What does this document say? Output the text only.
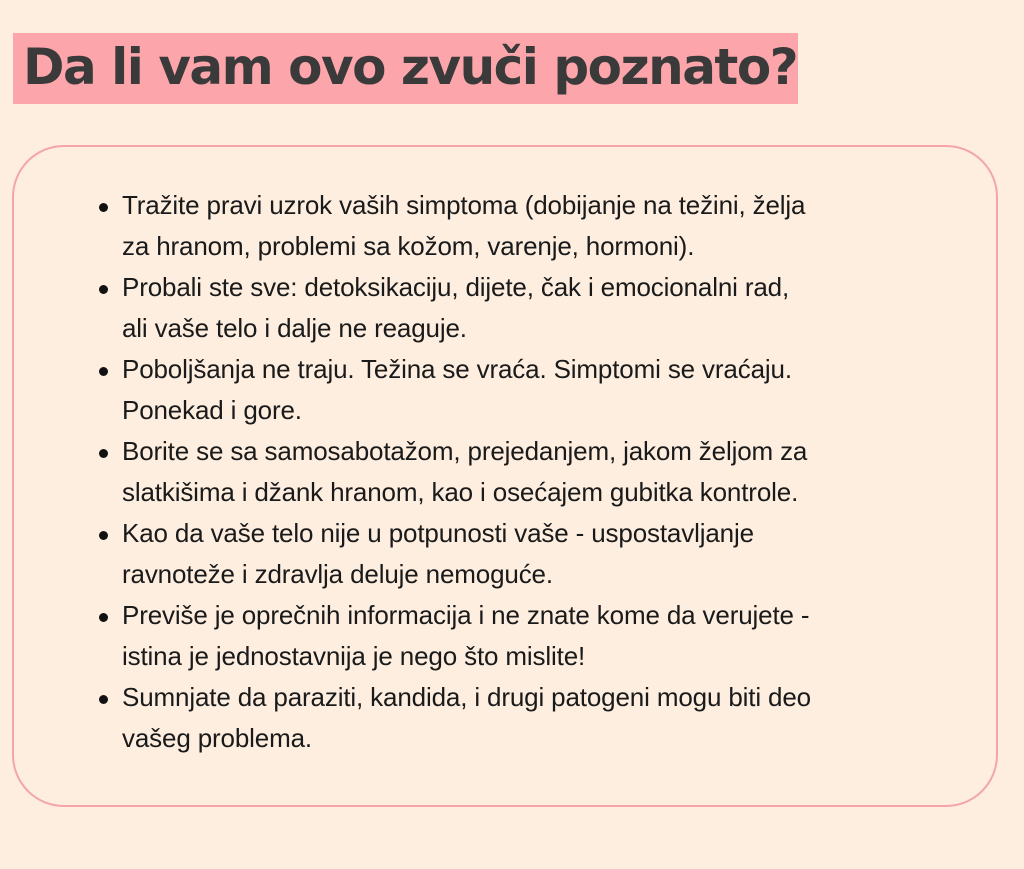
Da li vam ovo zvuči poznato?
Tražite pravi uzrok vaših simptoma (dobijanje na težini, želja
za hranom, problemi sa kožom, varenje, hormoni).
Probali ste sve: detoksikaciju, dijete, čak i emocionalni rad,
ali vaše telo i dalje ne reaguje.
Poboljšanja ne traju. Težina se vraća. Simptomi se vraćaju.
Ponekad i gore.
Borite se sa samosabotažom, prejedanjem, jakom željom za
slatkišima i džank hranom, kao i osećajem gubitka kontrole.
Kao da vaše telo nije u potpunosti vaše - uspostavljanje
ravnoteže i zdravlja deluje nemoguće.
Previše je oprečnih informacija i ne znate kome da verujete -
istina je jednostavnija je nego što mislite!
Sumnjate da paraziti, kandida, i drugi patogeni mogu biti deo
vašeg problema.
